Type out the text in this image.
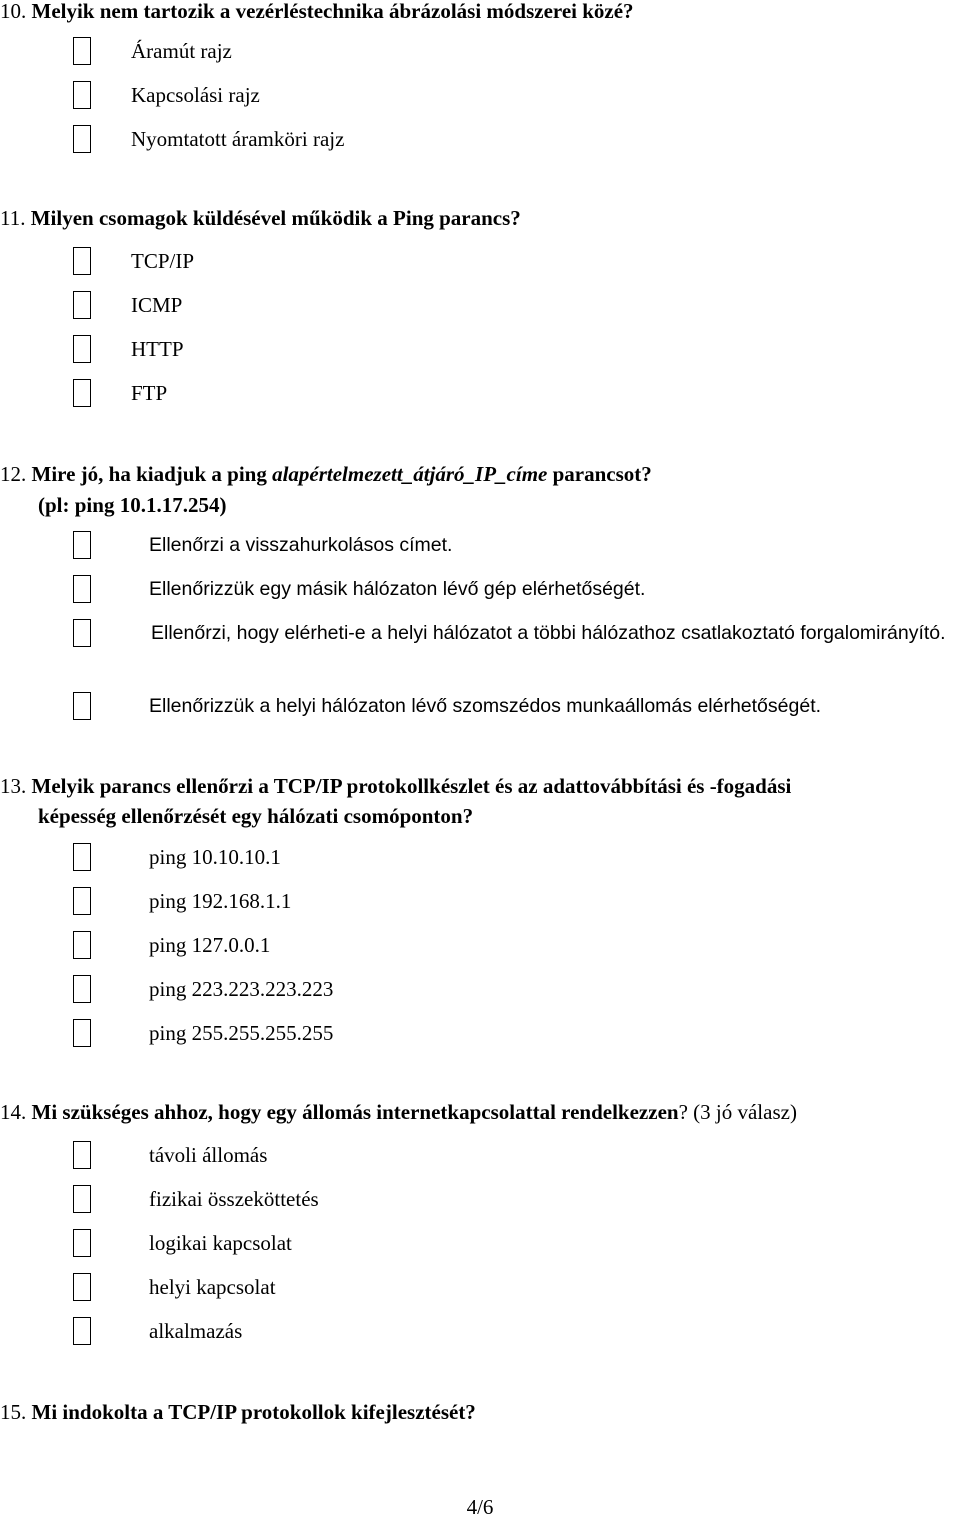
10. Melyik nem tartozik a vezérléstechnika ábrázolási módszerei közé?
Áramút rajz
Kapcsolási rajz
Nyomtatott áramköri rajz
11. Milyen csomagok küldésével működik a Ping parancs?
TCP/IP
ICMP
HTTP
FTP
12. Mire jó, ha kiadjuk a ping alapértelmezett_átjáró_IP_címe parancsot?
(pl: ping 10.1.17.254)
Ellenőrzi a visszahurkolásos címet.
Ellenőrizzük egy másik hálózaton lévő gép elérhetőségét.
Ellenőrzi, hogy elérheti-e a helyi hálózatot a többi hálózathoz csatlakoztató forgalomirányító.
Ellenőrizzük a helyi hálózaton lévő szomszédos munkaállomás elérhetőségét.
13. Melyik parancs ellenőrzi a TCP/IP protokollkészlet és az adattovábbítási és -fogadási
képesség ellenőrzését egy hálózati csomóponton?
ping 10.10.10.1
ping 192.168.1.1
ping 127.0.0.1
ping 223.223.223.223
ping 255.255.255.255
14. Mi szükséges ahhoz, hogy egy állomás internetkapcsolattal rendelkezzen? (3 jó válasz)
távoli állomás
fizikai összeköttetés
logikai kapcsolat
helyi kapcsolat
alkalmazás
15. Mi indokolta a TCP/IP protokollok kifejlesztését?
4/6
